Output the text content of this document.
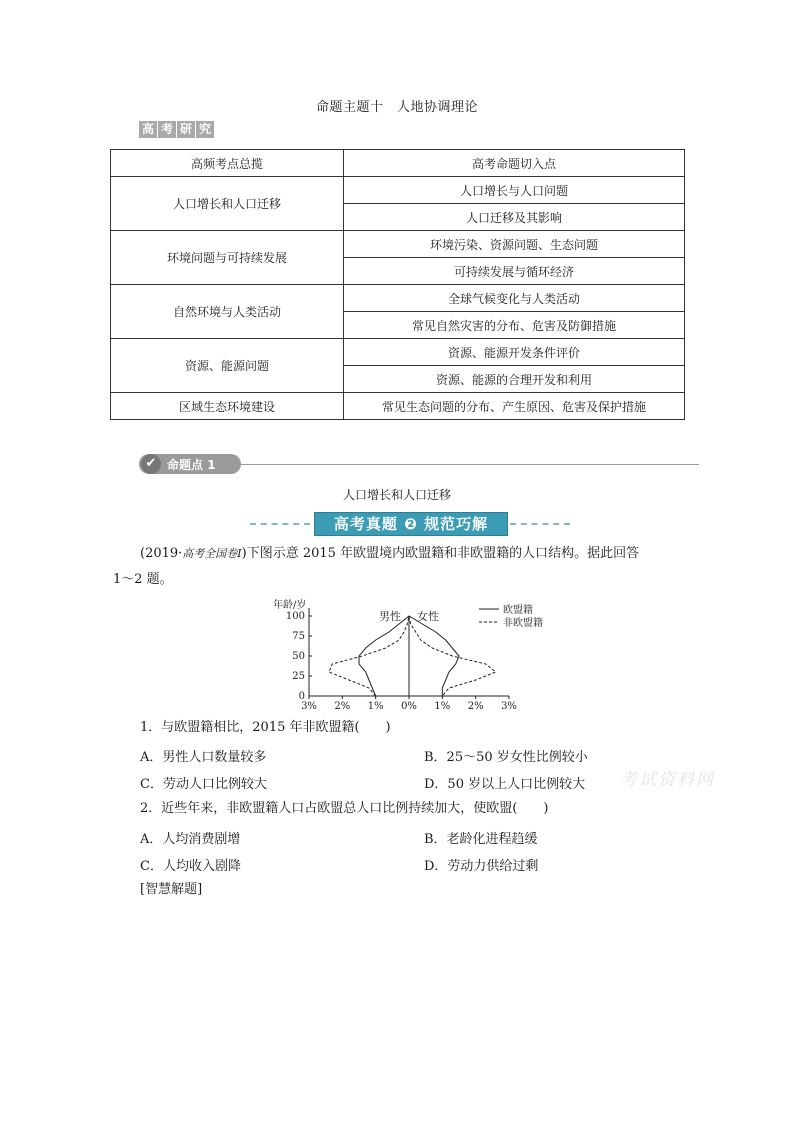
命题主题十　人地协调理论
高 考 研 究
高频考点总揽	高考命题切入点
人口增长和人口迁移	人口增长与人口问题
	人口迁移及其影响
环境问题与可持续发展	环境污染、资源问题、生态问题
	可持续发展与循环经济
自然环境与人类活动	全球气候变化与人类活动
	常见自然灾害的分布、危害及防御措施
资源、能源问题	资源、能源开发条件评价
	资源、能源的合理开发和利用
区域生态环境建设	常见生态问题的分布、产生原因、危害及保护措施
✔ 命题点 1
人口增长和人口迁移
高考真题 ❷ 规范巧解
(2019·高考全国卷Ⅰ)下图示意 2015 年欧盟境内欧盟籍和非欧盟籍的人口结构。据此回答
1～2 题。
年龄/岁
0
25
50
75
100
3% 2% 1% 0% 1% 2% 3%
男性 女性	欧盟籍
非欧盟籍
1．与欧盟籍相比，2015 年非欧盟籍(　　)
A．男性人口数量较多	B．25～50 岁女性比例较小
C．劳动人口比例较大	D．50 岁以上人口比例较大
2．近些年来，非欧盟籍人口占欧盟总人口比例持续加大，使欧盟(　　)
A．人均消费剧增	B．老龄化进程趋缓
C．人均收入剧降	D．劳动力供给过剩
[智慧解题]
考试资料网
